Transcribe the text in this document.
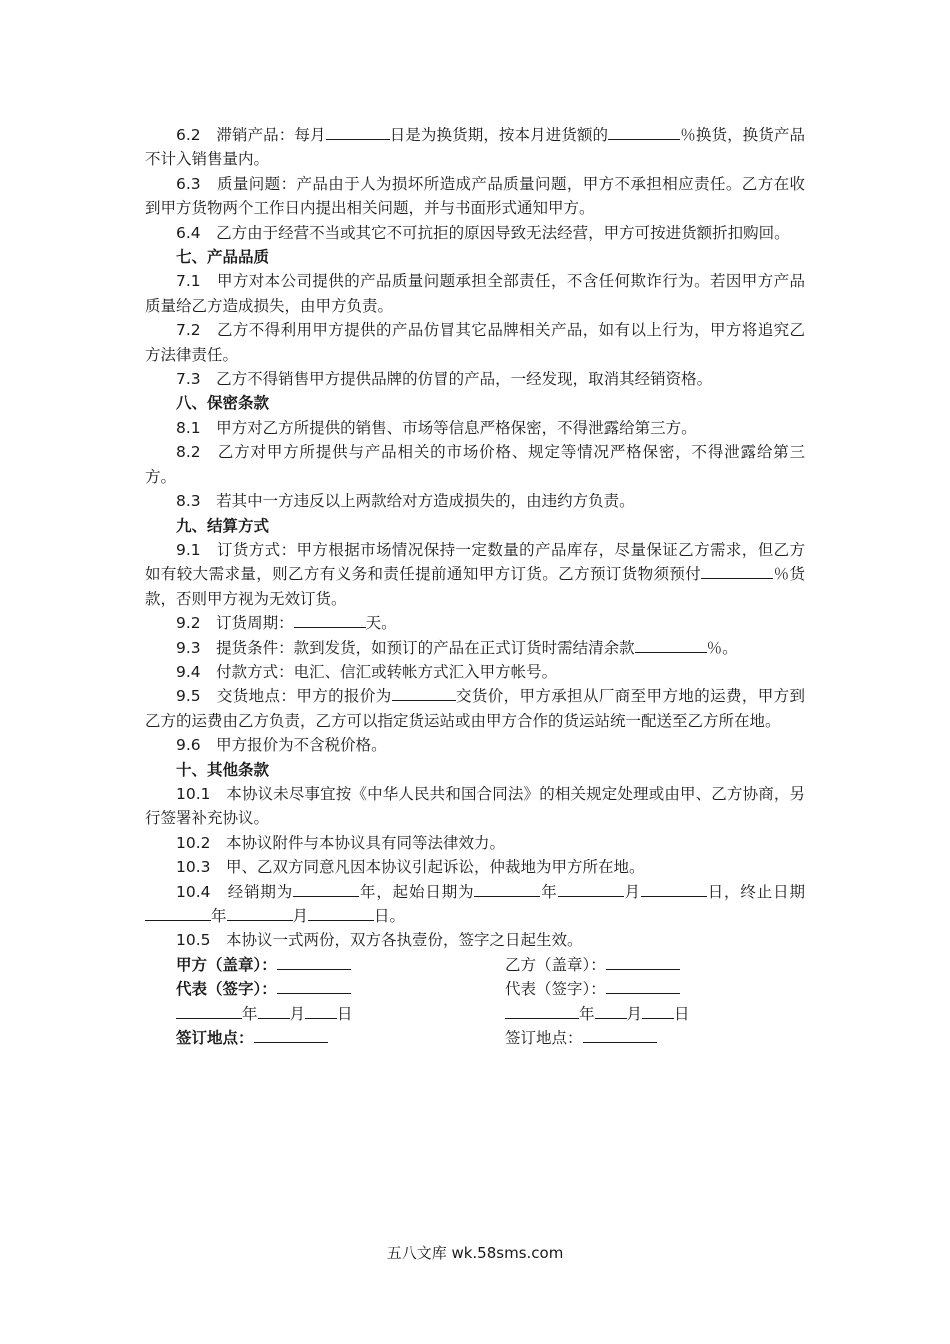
6.2　滞销产品：每月	日是为换货期，按本月进货额的	％换货，换货产品不计入销售量内。

6.3　质量问题：产品由于人为损坏所造成产品质量问题，甲方不承担相应责任。乙方在收到甲方货物两个工作日内提出相关问题，并与书面形式通知甲方。

6.4　乙方由于经营不当或其它不可抗拒的原因导致无法经营，甲方可按进货额折扣购回。

七、产品品质

7.1　甲方对本公司提供的产品质量问题承担全部责任，不含任何欺诈行为。若因甲方产品质量给乙方造成损失，由甲方负责。

7.2　乙方不得利用甲方提供的产品仿冒其它品牌相关产品，如有以上行为，甲方将追究乙方法律责任。

7.3　乙方不得销售甲方提供品牌的仿冒的产品，一经发现，取消其经销资格。

八、保密条款

8.1　甲方对乙方所提供的销售、市场等信息严格保密，不得泄露给第三方。

8.2　乙方对甲方所提供与产品相关的市场价格、规定等情况严格保密，不得泄露给第三方。

8.3　若其中一方违反以上两款给对方造成损失的，由违约方负责。

九、结算方式

9.1　订货方式：甲方根据市场情况保持一定数量的产品库存，尽量保证乙方需求，但乙方如有较大需求量，则乙方有义务和责任提前通知甲方订货。乙方预订货物须预付	％货款，否则甲方视为无效订货。

9.2　订货周期：	天。

9.3　提货条件：款到发货，如预订的产品在正式订货时需结清余款	％。

9.4　付款方式：电汇、信汇或转帐方式汇入甲方帐号。

9.5　交货地点：甲方的报价为	交货价，甲方承担从厂商至甲方地的运费，甲方到乙方的运费由乙方负责，乙方可以指定货运站或由甲方合作的货运站统一配送至乙方所在地。

9.6　甲方报价为不含税价格。

十、其他条款

10.1　本协议未尽事宜按《中华人民共和国合同法》的相关规定处理或由甲、乙方协商，另行签署补充协议。

10.2　本协议附件与本协议具有同等法律效力。

10.3　甲、乙双方同意凡因本协议引起诉讼，仲裁地为甲方所在地。

10.4　经销期为	年，起始日期为	年	月	日，终止日期年	月	日。

10.5　本协议一式两份，双方各执壹份，签字之日起生效。

甲方（盖章）：	乙方（盖章）：
代表（签字）：	代表（签字）：
年 月 日	年 月 日
签订地点：	签订地点：
五八文库 wk.58sms.com
